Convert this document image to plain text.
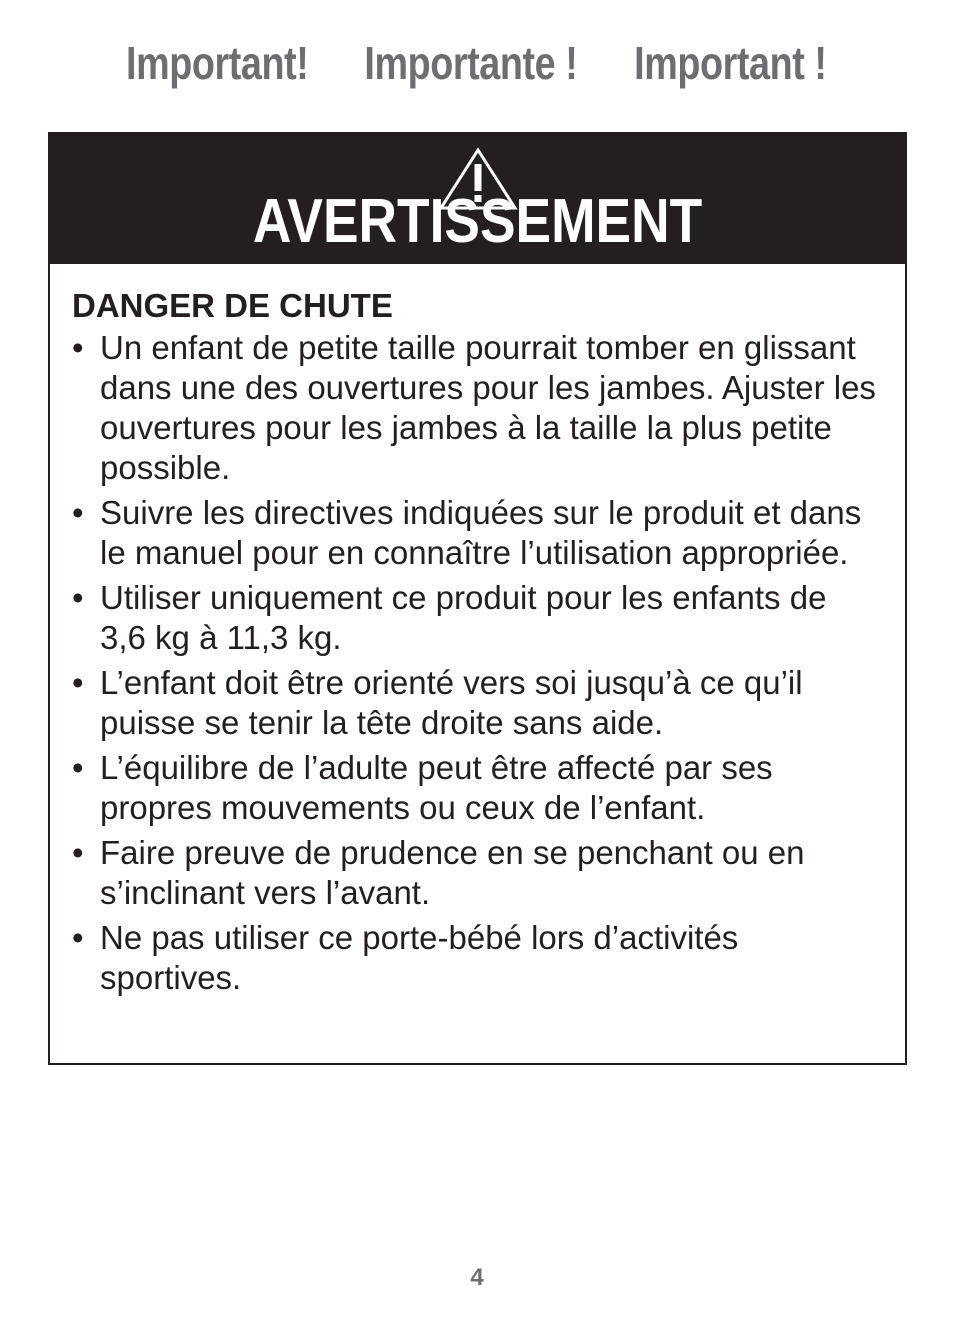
Important! Importante ! Important !
AVERTISSEMENT
DANGER DE CHUTE
• Un enfant de petite taille pourrait tomber en glissant dans une des ouvertures pour les jambes. Ajuster les ouvertures pour les jambes à la taille la plus petite possible.
• Suivre les directives indiquées sur le produit et dans le manuel pour en connaître l’utilisation appropriée.
• Utiliser uniquement ce produit pour les enfants de 3,6 kg à 11,3 kg.
• L’enfant doit être orienté vers soi jusqu’à ce qu’il puisse se tenir la tête droite sans aide.
• L’équilibre de l’adulte peut être affecté par ses propres mouvements ou ceux de l’enfant.
• Faire preuve de prudence en se penchant ou en s’inclinant vers l’avant.
• Ne pas utiliser ce porte-bébé lors d’activités sportives.
4
